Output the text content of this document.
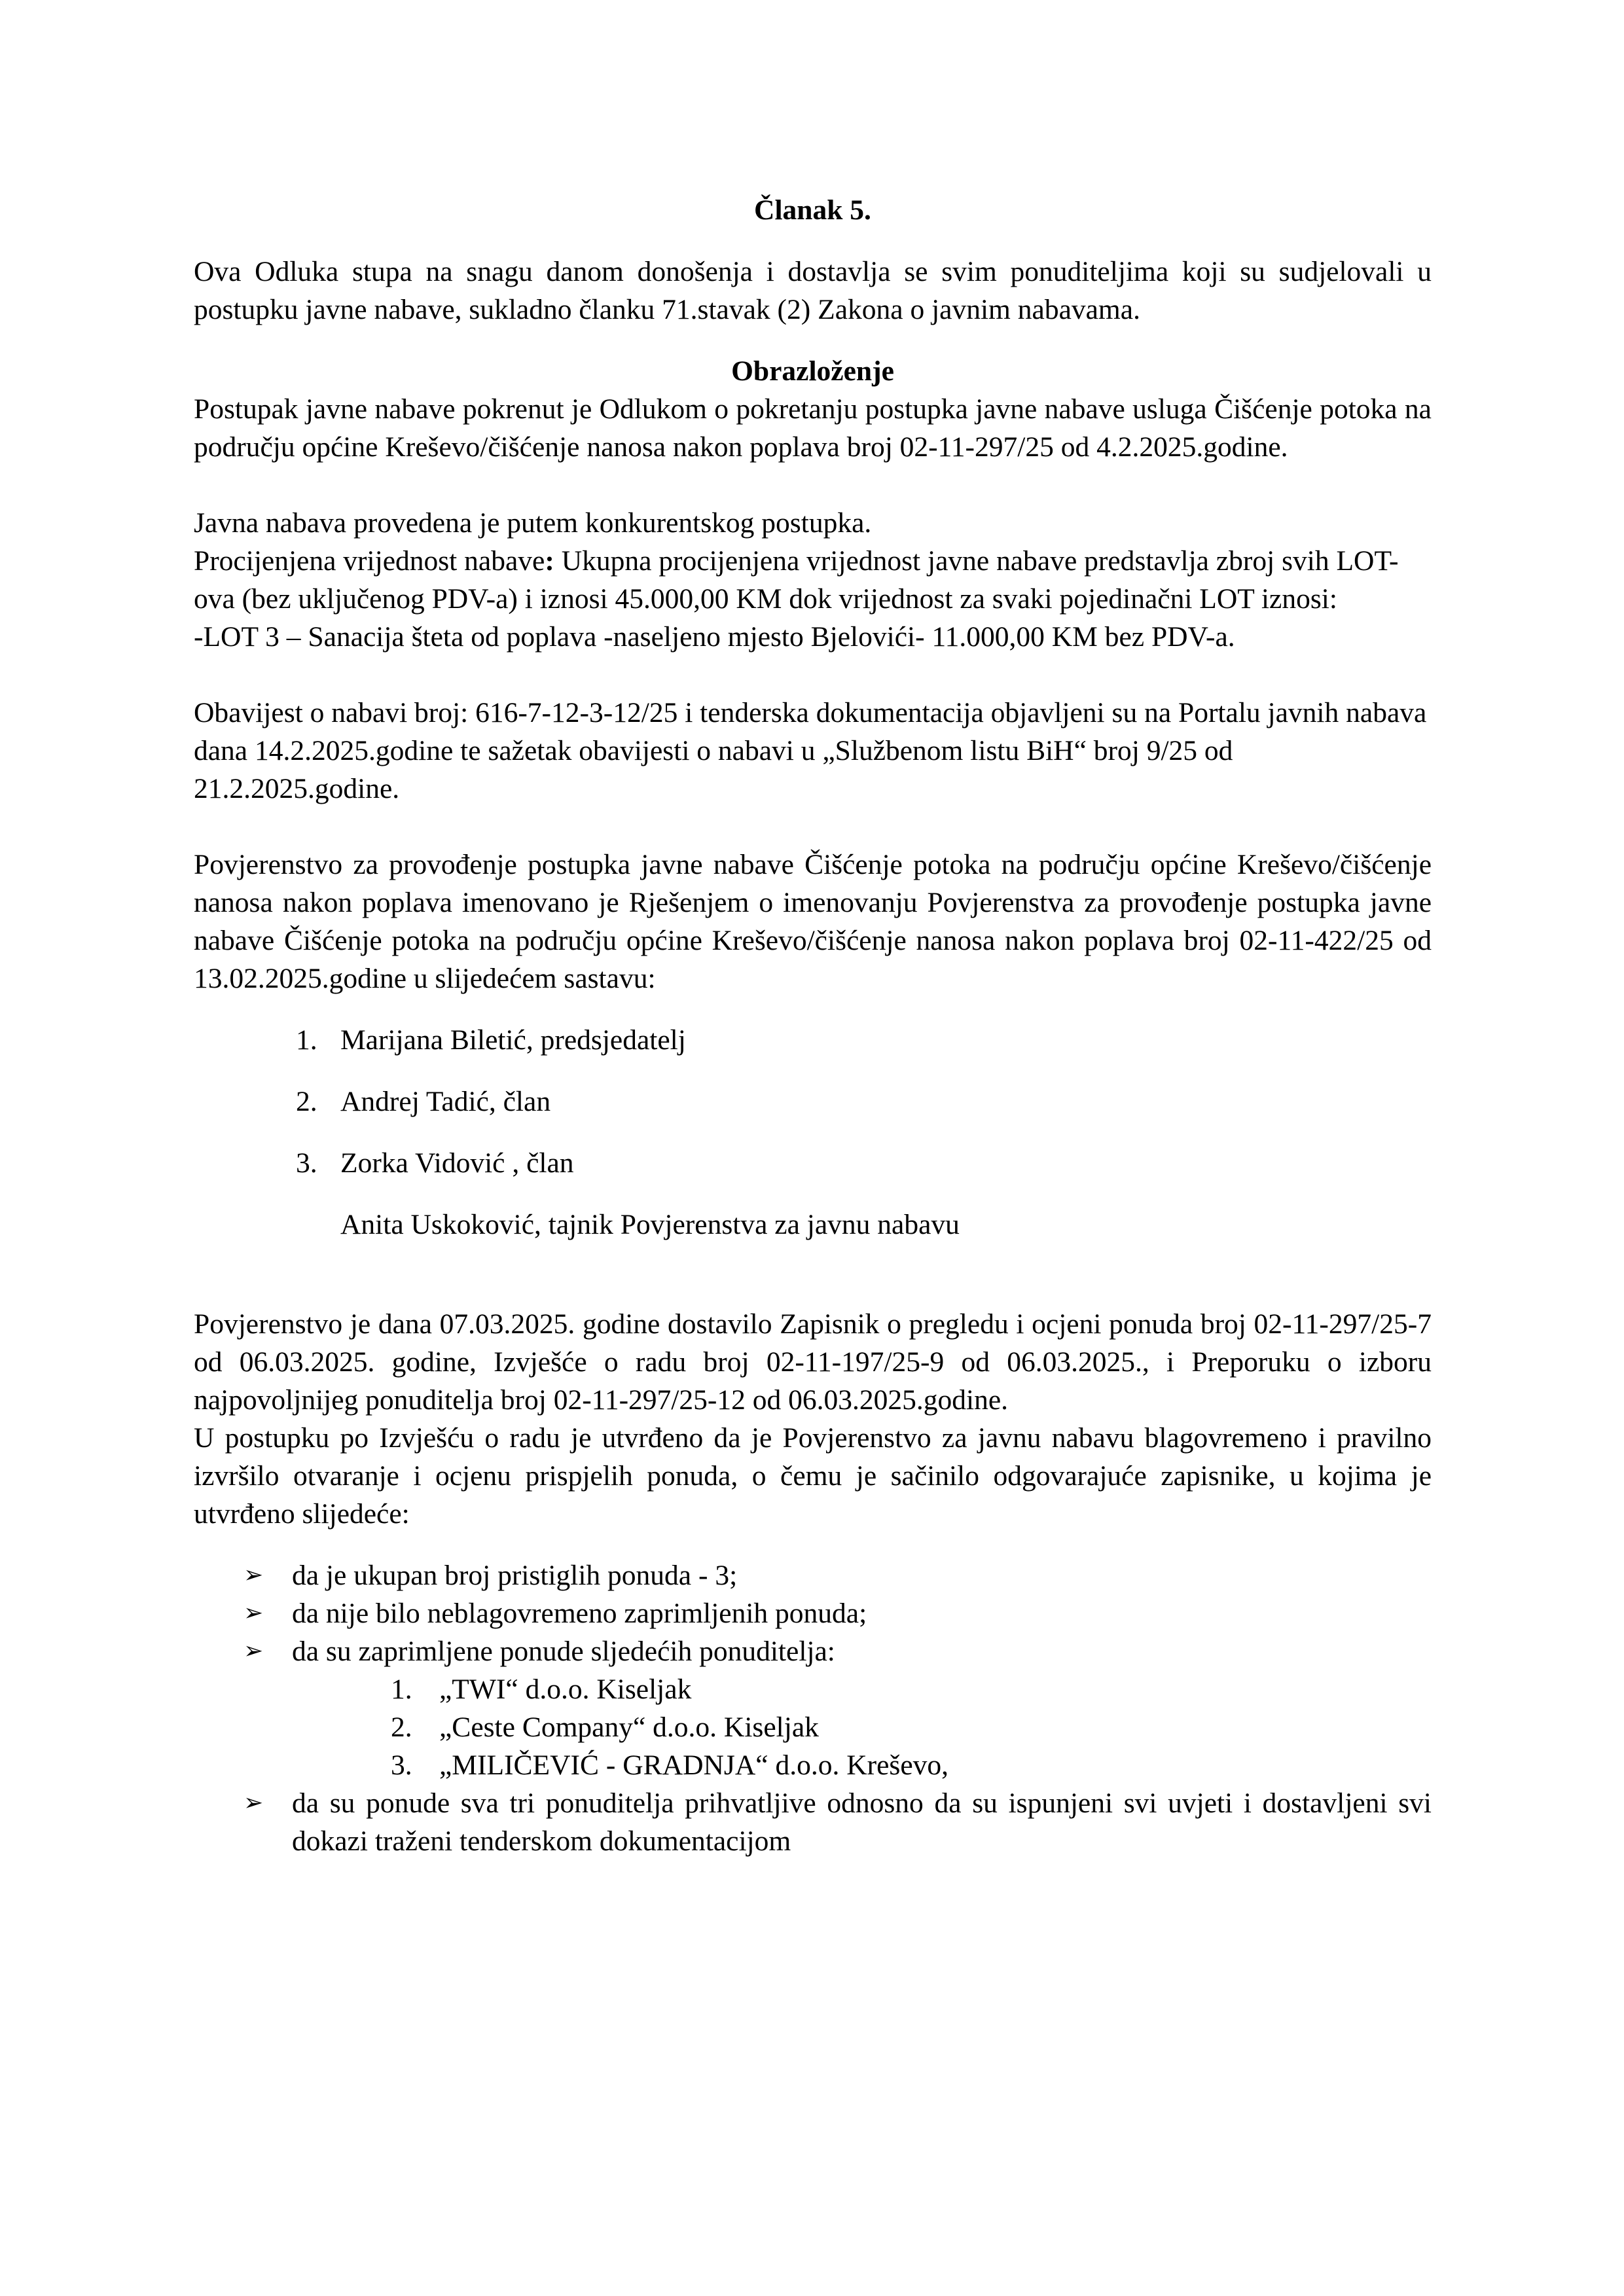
Članak 5.

Ova Odluka stupa na snagu danom donošenja i dostavlja se svim ponuditeljima koji su sudjelovali u postupku javne nabave, sukladno članku 71.stavak (2) Zakona o javnim nabavama.

Obrazloženje

Postupak javne nabave pokrenut je Odlukom o pokretanju postupka javne nabave usluga Čišćenje potoka na području općine Kreševo/čišćenje nanosa nakon poplava broj 02-11-297/25 od 4.2.2025.godine.

Javna nabava provedena je putem konkurentskog postupka.

Procijenjena vrijednost nabave: Ukupna procijenjena vrijednost javne nabave predstavlja zbroj svih LOT- ova (bez uključenog PDV-a) i iznosi 45.000,00 KM dok vrijednost za svaki pojedinačni LOT iznosi:

-LOT 3 – Sanacija šteta od poplava -naseljeno mjesto Bjelovići- 11.000,00 KM bez PDV-a.

Obavijest o nabavi broj: 616-7-12-3-12/25 i tenderska dokumentacija objavljeni su na Portalu javnih nabava dana 14.2.2025.godine te sažetak obavijesti o nabavi u „Službenom listu BiH“ broj 9/25 od 21.2.2025.godine.

Povjerenstvo za provođenje postupka javne nabave Čišćenje potoka na području općine Kreševo/čišćenje nanosa nakon poplava imenovano je Rješenjem o imenovanju Povjerenstva za provođenje postupka javne nabave Čišćenje potoka na području općine Kreševo/čišćenje nanosa nakon poplava broj 02-11-422/25 od 13.02.2025.godine u slijedećem sastavu:

1. Marijana Biletić, predsjedatelj
2. Andrej Tadić, član
3. Zorka Vidović , član

Anita Uskoković, tajnik Povjerenstva za javnu nabavu

Povjerenstvo je dana 07.03.2025. godine dostavilo Zapisnik o pregledu i ocjeni ponuda broj 02-11-297/25-7 od 06.03.2025. godine, Izvješće o radu broj 02-11-197/25-9 od 06.03.2025., i Preporuku o izboru najpovoljnijeg ponuditelja broj 02-11-297/25-12 od 06.03.2025.godine.

U postupku po Izvješću o radu je utvrđeno da je Povjerenstvo za javnu nabavu blagovremeno i pravilno izvršilo otvaranje i ocjenu prispjelih ponuda, o čemu je sačinilo odgovarajuće zapisnike, u kojima je utvrđeno slijedeće:

➢	da je ukupan broj pristiglih ponuda - 3;
➢	da nije bilo neblagovremeno zaprimljenih ponuda;
➢	da su zaprimljene ponude sljedećih ponuditelja:
1. „TWI“ d.o.o. Kiseljak
2. „Ceste Company“ d.o.o. Kiseljak
3. „MILIČEVIĆ - GRADNJA“ d.o.o. Kreševo,
➢	da su ponude sva tri ponuditelja prihvatljive odnosno da su ispunjeni svi uvjeti i dostavljeni svi dokazi traženi tenderskom dokumentacijom
